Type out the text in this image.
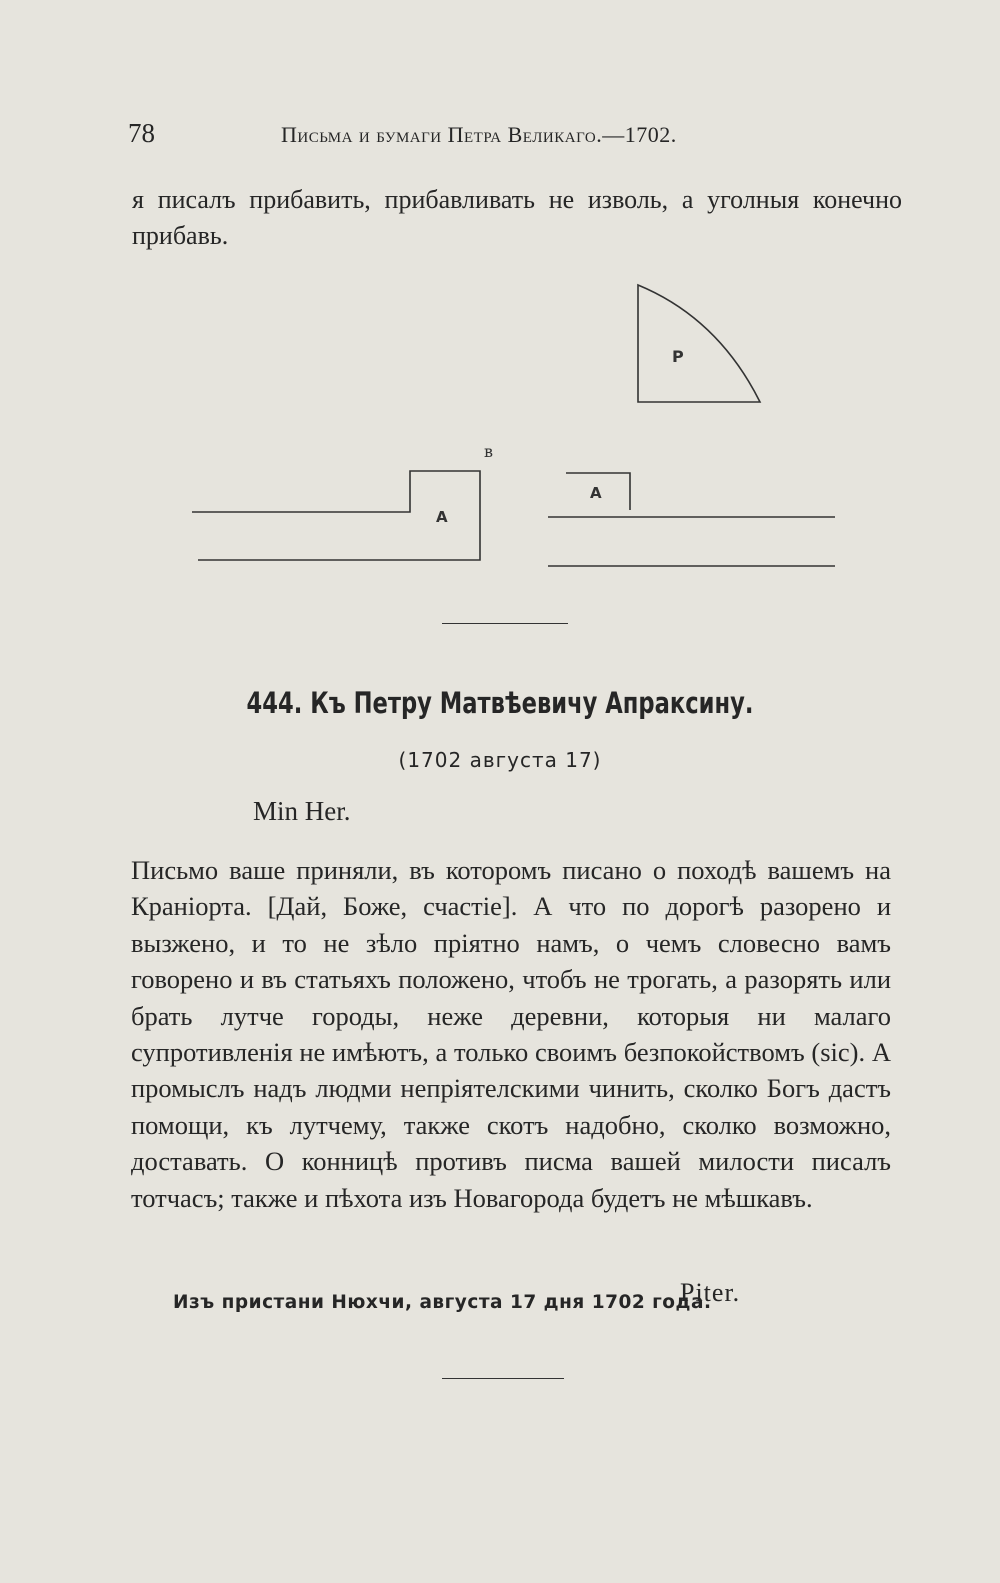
78	Письма и бумаги Петра Великаго.—1702.
я писалъ прибавить, прибавливать не изволь, а уголныя конечно прибавь.
Р
в
А
А
444. Къ Петру Матвѣевичу Апраксину.
(1702 августа 17)
Min Her.
Письмо ваше приняли, въ которомъ писано о походѣ вашемъ на Краніорта. [Дай, Боже, счастіе]. А что по дорогѣ разорено и вызжено, и то не зѣло пріятно намъ, о чемъ словесно вамъ говорено и въ статьяхъ положено, чтобъ не трогать, а разорять или брать лутче городы, неже деревни, которыя ни малаго супротивленія не имѣютъ, а только своимъ безпокойствомъ (sic). А промыслъ надъ людми непріятелскими чинить, сколко Богъ дастъ помощи, къ лутчему, также скотъ надобно, сколко возможно, доставать. О конницѣ противъ писма вашей милости писалъ тотчасъ; также и пѣхота изъ Новагорода будетъ не мѣшкавъ.
Piter.
Изъ пристани Нюхчи, августа 17 дня 1702 года.
